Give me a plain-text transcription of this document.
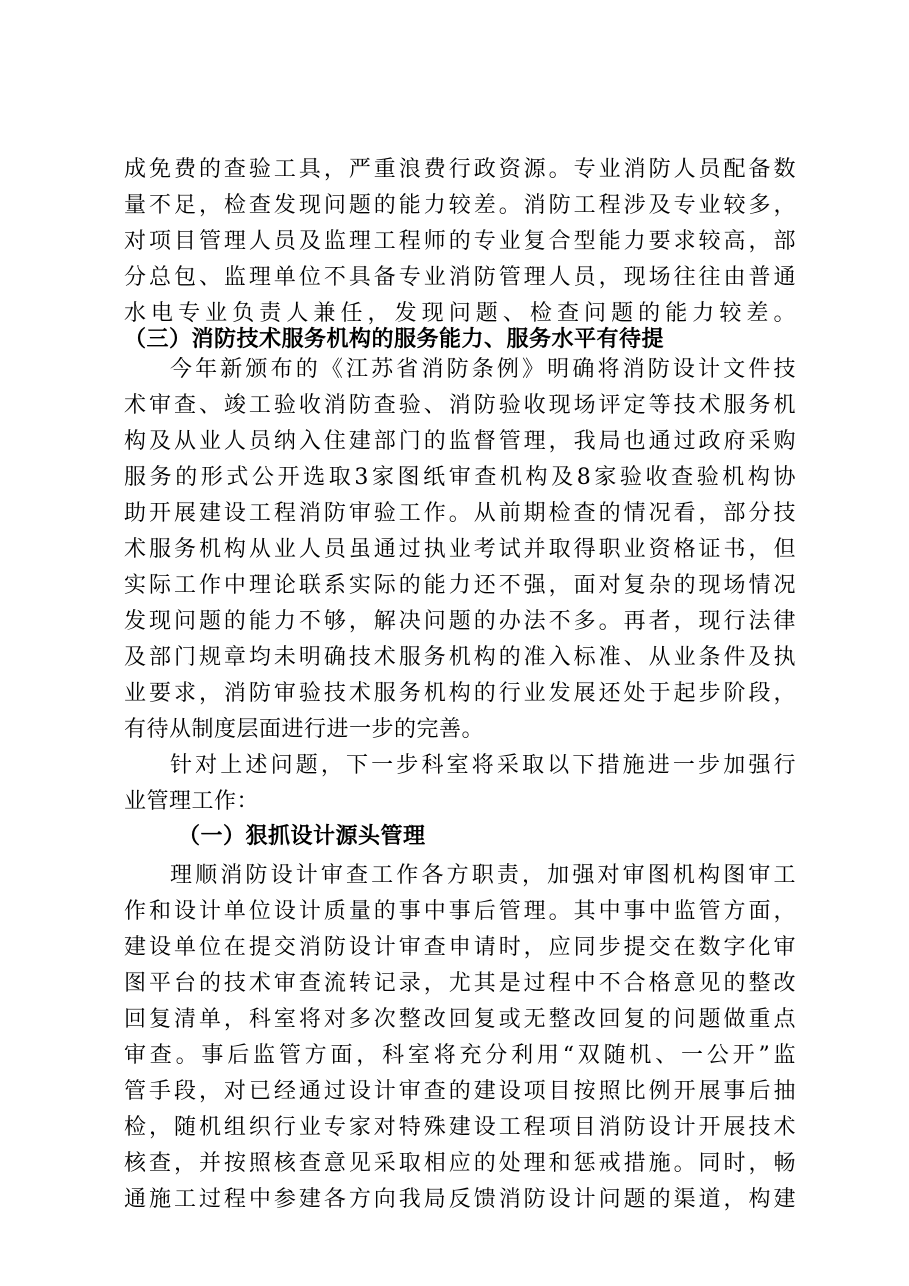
成免费的查验工具，严重浪费行政资源。专业消防人员配备数
量不足，检查发现问题的能力较差。消防工程涉及专业较多，
对项目管理人员及监理工程师的专业复合型能力要求较高，部
分总包、监理单位不具备专业消防管理人员，现场往往由普通
水电专业负责人兼任，发现问题、检查问题的能力较差。
（三）消防技术服务机构的服务能力、服务水平有待提
今年新颁布的《江苏省消防条例》明确将消防设计文件技
术审查、竣工验收消防查验、消防验收现场评定等技术服务机
构及从业人员纳入住建部门的监督管理，我局也通过政府采购
服务的形式公开选取3家图纸审查机构及8家验收查验机构协
助开展建设工程消防审验工作。从前期检查的情况看，部分技
术服务机构从业人员虽通过执业考试并取得职业资格证书，但
实际工作中理论联系实际的能力还不强，面对复杂的现场情况
发现问题的能力不够，解决问题的办法不多。再者，现行法律
及部门规章均未明确技术服务机构的准入标准、从业条件及执
业要求，消防审验技术服务机构的行业发展还处于起步阶段，
有待从制度层面进行进一步的完善。
针对上述问题，下一步科室将采取以下措施进一步加强行
业管理工作：
（一）狠抓设计源头管理
理顺消防设计审查工作各方职责，加强对审图机构图审工
作和设计单位设计质量的事中事后管理。其中事中监管方面，
建设单位在提交消防设计审查申请时，应同步提交在数字化审
图平台的技术审查流转记录，尤其是过程中不合格意见的整改
回复清单，科室将对多次整改回复或无整改回复的问题做重点
审查。事后监管方面，科室将充分利用“双随机、一公开”监
管手段，对已经通过设计审查的建设项目按照比例开展事后抽
检，随机组织行业专家对特殊建设工程项目消防设计开展技术
核查，并按照核查意见采取相应的处理和惩戒措施。同时，畅
通施工过程中参建各方向我局反馈消防设计问题的渠道，构建
